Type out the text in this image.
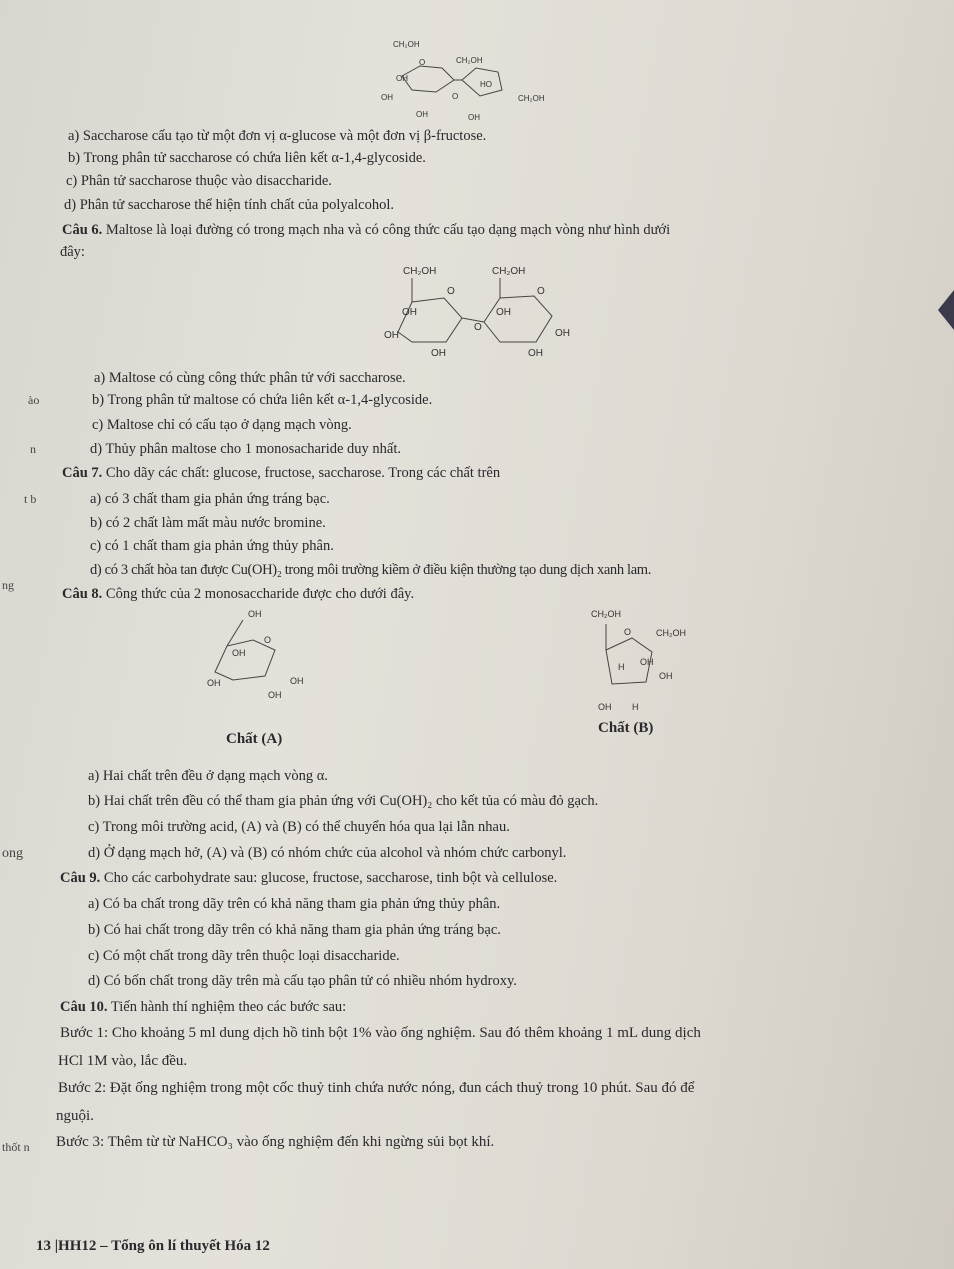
CH₂OH
CH₂OH
O
OH
HO
OH	O	CH₂OH
OH	OH
a) Saccharose cấu tạo từ một đơn vị α-glucose và một đơn vị β-fructose.
b) Trong phân tử saccharose có chứa liên kết α-1,4-glycoside.
c) Phân tử saccharose thuộc vào disaccharide.
d) Phân tử saccharose thể hiện tính chất của polyalcohol.
Câu 6. Maltose là loại đường có trong mạch nha và có công thức cấu tạo dạng mạch vòng như hình dưới
đây:
CH₂OH	CH₂OH
O	O
OH	OH
OH
O
OH
OH	OH
a) Maltose có cùng công thức phân tử với saccharose.
b) Trong phân tử maltose có chứa liên kết α-1,4-glycoside.
c) Maltose chỉ có cấu tạo ở dạng mạch vòng.
d) Thủy phân maltose cho 1 monosacharide duy nhất.
Câu 7. Cho dãy các chất: glucose, fructose, saccharose. Trong các chất trên
a) có 3 chất tham gia phản ứng tráng bạc.
b) có 2 chất làm mất màu nước bromine.
c) có 1 chất tham gia phản ứng thủy phân.
d) có 3 chất hòa tan được Cu(OH)₂ trong môi trường kiềm ở điều kiện thường tạo dung dịch xanh lam.
Câu 8. Công thức của 2 monosaccharide được cho dưới đây.
OH
O
OH
OH	OH
OH
CH₂OH
O	CH₂OH
H OH
OH
OH H
Chất (A)
Chất (B)
a) Hai chất trên đều ở dạng mạch vòng α.
b) Hai chất trên đều có thể tham gia phản ứng với Cu(OH)₂ cho kết tủa có màu đỏ gạch.
c) Trong môi trường acid, (A) và (B) có thể chuyển hóa qua lại lẫn nhau.
d) Ở dạng mạch hở, (A) và (B) có nhóm chức của alcohol và nhóm chức carbonyl.
Câu 9. Cho các carbohydrate sau: glucose, fructose, saccharose, tinh bột và cellulose.
a) Có ba chất trong dãy trên có khả năng tham gia phản ứng thủy phân.
b) Có hai chất trong dãy trên có khả năng tham gia phản ứng tráng bạc.
c) Có một chất trong dãy trên thuộc loại disaccharide.
d) Có bốn chất trong dãy trên mà cấu tạo phân tử có nhiều nhóm hydroxy.
Câu 10. Tiến hành thí nghiệm theo các bước sau:
Bước 1: Cho khoảng 5 ml dung dịch hồ tinh bột 1% vào ống nghiệm. Sau đó thêm khoảng 1 mL dung dịch
HCl 1M vào, lắc đều.
Bước 2: Đặt ống nghiệm trong một cốc thuỷ tinh chứa nước nóng, đun cách thuỷ trong 10 phút. Sau đó để
nguội.
Bước 3: Thêm từ từ NaHCO₃ vào ống nghiệm đến khi ngừng sủi bọt khí.
ào
n
t b
ng
ong
thốt n
13 |HH12 – Tổng ôn lí thuyết Hóa 12
